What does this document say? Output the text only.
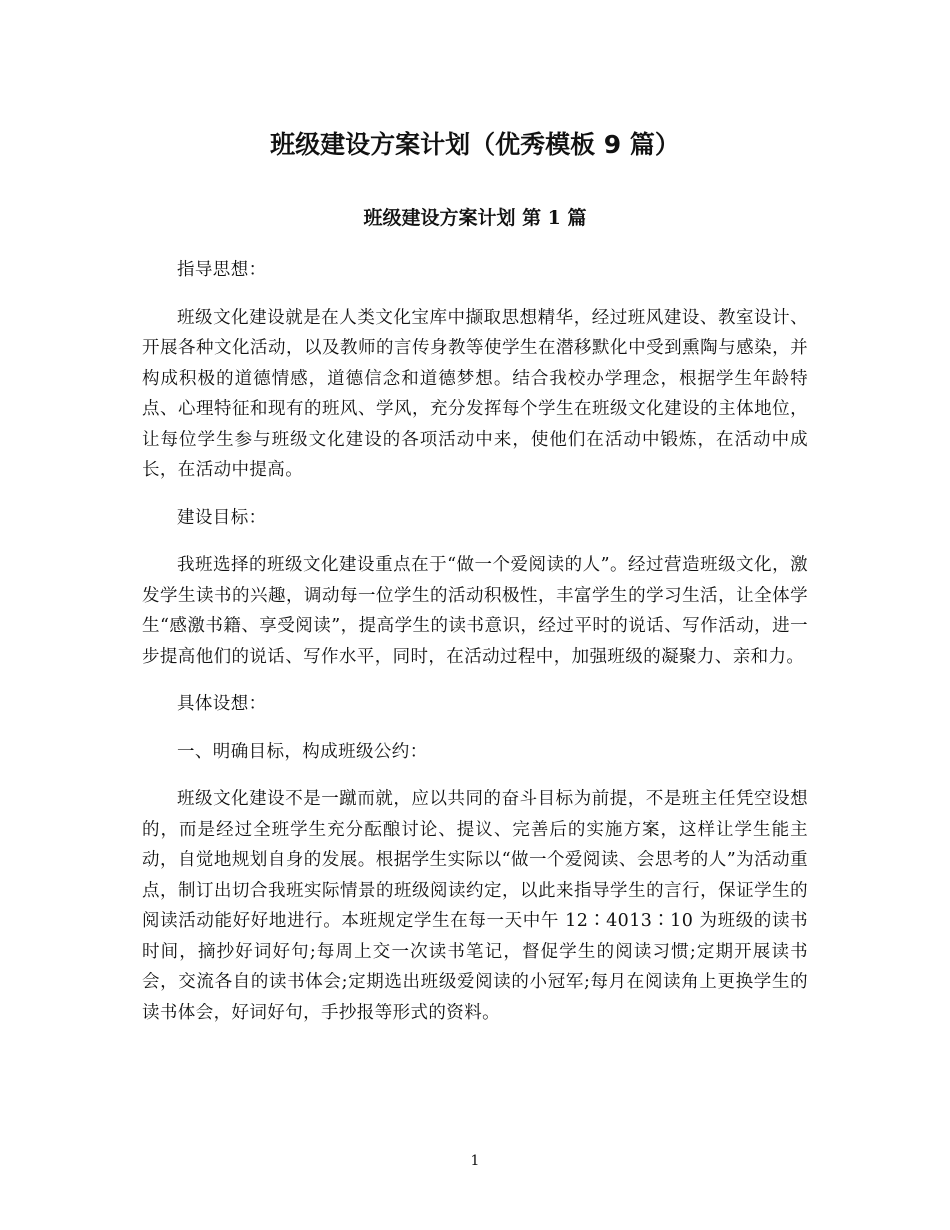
班级建设方案计划（优秀模板 9 篇）
班级建设方案计划 第 1 篇

指导思想：

班级文化建设就是在人类文化宝库中撷取思想精华，经过班风建设、教室设计、开展各种文化活动，以及教师的言传身教等使学生在潜移默化中受到熏陶与感染，并构成积极的道德情感，道德信念和道德梦想。结合我校办学理念，根据学生年龄特点、心理特征和现有的班风、学风，充分发挥每个学生在班级文化建设的主体地位，让每位学生参与班级文化建设的各项活动中来，使他们在活动中锻炼，在活动中成长，在活动中提高。

建设目标：

我班选择的班级文化建设重点在于“做一个爱阅读的人”。经过营造班级文化，激发学生读书的兴趣，调动每一位学生的活动积极性，丰富学生的学习生活，让全体学生“感激书籍、享受阅读”，提高学生的读书意识，经过平时的说话、写作活动，进一步提高他们的说话、写作水平，同时，在活动过程中，加强班级的凝聚力、亲和力。

具体设想：

一、明确目标，构成班级公约：

班级文化建设不是一蹴而就，应以共同的奋斗目标为前提，不是班主任凭空设想的，而是经过全班学生充分酝酿讨论、提议、完善后的实施方案，这样让学生能主动，自觉地规划自身的发展。根据学生实际以“做一个爱阅读、会思考的人”为活动重点，制订出切合我班实际情景的班级阅读约定，以此来指导学生的言行，保证学生的阅读活动能好好地进行。本班规定学生在每一天中午 12∶4013∶10 为班级的读书时间，摘抄好词好句;每周上交一次读书笔记，督促学生的阅读习惯;定期开展读书会，交流各自的读书体会;定期选出班级爱阅读的小冠军;每月在阅读角上更换学生的读书体会，好词好句，手抄报等形式的资料。

1
